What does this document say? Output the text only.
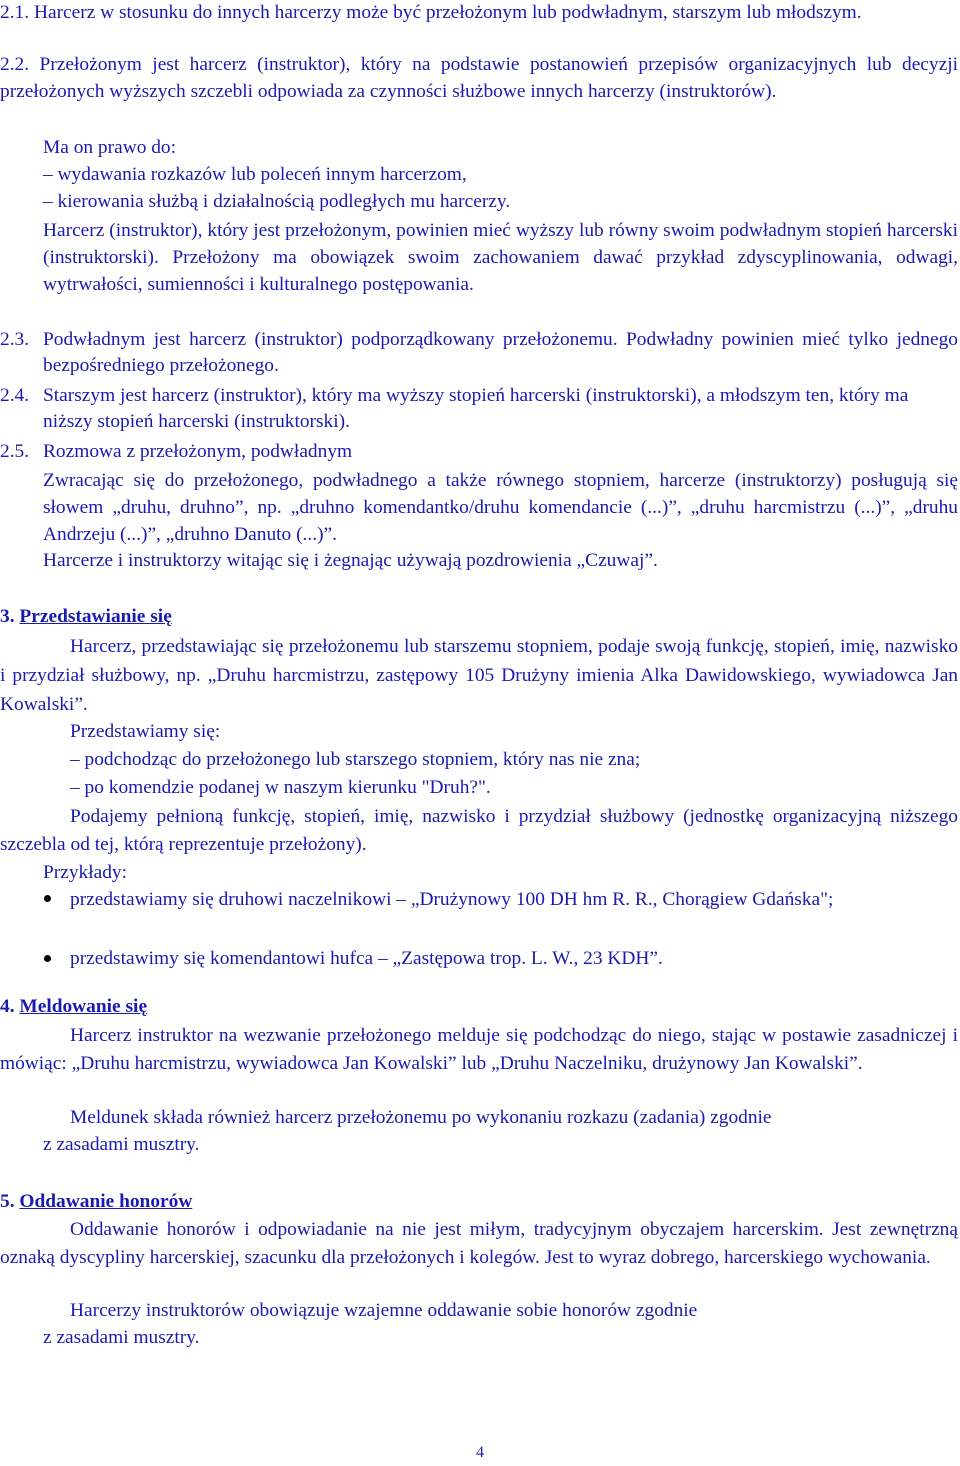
2.1. Harcerz w stosunku do innych harcerzy może być przełożonym lub podwładnym, starszym lub młodszym.

2.2. Przełożonym jest harcerz (instruktor), który na podstawie postanowień przepisów organizacyjnych lub decyzji przełożonych wyższych szczebli odpowiada za czynności służbowe innych harcerzy (instruktorów).

Ma on prawo do:

– wydawania rozkazów lub poleceń innym harcerzom,

– kierowania służbą i działalnością podległych mu harcerzy.

Harcerz (instruktor), który jest przełożonym, powinien mieć wyższy lub równy swoim podwładnym stopień harcerski (instruktorski). Przełożony ma obowiązek swoim zachowaniem dawać przykład zdyscyplinowania, odwagi, wytrwałości, sumienności i kulturalnego postępowania.

2.3. Podwładnym jest harcerz (instruktor) podporządkowany przełożonemu. Podwładny powinien mieć tylko jednego bezpośredniego przełożonego.

2.4. Starszym jest harcerz (instruktor), który ma wyższy stopień harcerski (instruktorski), a młodszym ten, który ma niższy stopień harcerski (instruktorski).

2.5. Rozmowa z przełożonym, podwładnym

Zwracając się do przełożonego, podwładnego a także równego stopniem, harcerze (instruktorzy) posługują się słowem „druhu, druhno”, np. „druhno komendantko/druhu komendancie (...)”, „druhu harcmistrzu (...)”, „druhu Andrzeju (...)”, „druhno Danuto (...)”.

Harcerze i instruktorzy witając się i żegnając używają pozdrowienia „Czuwaj”.

3. Przedstawianie się

Harcerz, przedstawiając się przełożonemu lub starszemu stopniem, podaje swoją funkcję, stopień, imię, nazwisko i przydział służbowy, np. „Druhu harcmistrzu, zastępowy 105 Drużyny imienia Alka Dawidowskiego, wywiadowca Jan Kowalski”.

Przedstawiamy się:

– podchodząc do przełożonego lub starszego stopniem, który nas nie zna;

– po komendzie podanej w naszym kierunku "Druh?".

Podajemy pełnioną funkcję, stopień, imię, nazwisko i przydział służbowy (jednostkę organizacyjną niższego szczebla od tej, którą reprezentuje przełożony).

Przykłady:

przedstawiamy się druhowi naczelnikowi – „Drużynowy 100 DH hm R. R., Chorągiew Gdańska";

przedstawimy się komendantowi hufca – „Zastępowa trop. L. W., 23 KDH”.

4. Meldowanie się

Harcerz instruktor na wezwanie przełożonego melduje się podchodząc do niego, stając w postawie zasadniczej i mówiąc: „Druhu harcmistrzu, wywiadowca Jan Kowalski” lub „Druhu Naczelniku, drużynowy Jan Kowalski”.

Meldunek składa również harcerz przełożonemu po wykonaniu rozkazu (zadania) zgodnie

z zasadami musztry.

5. Oddawanie honorów

Oddawanie honorów i odpowiadanie na nie jest miłym, tradycyjnym obyczajem harcerskim. Jest zewnętrzną oznaką dyscypliny harcerskiej, szacunku dla przełożonych i kolegów. Jest to wyraz dobrego, harcerskiego wychowania.

Harcerzy instruktorów obowiązuje wzajemne oddawanie sobie honorów zgodnie

z zasadami musztry.

4
